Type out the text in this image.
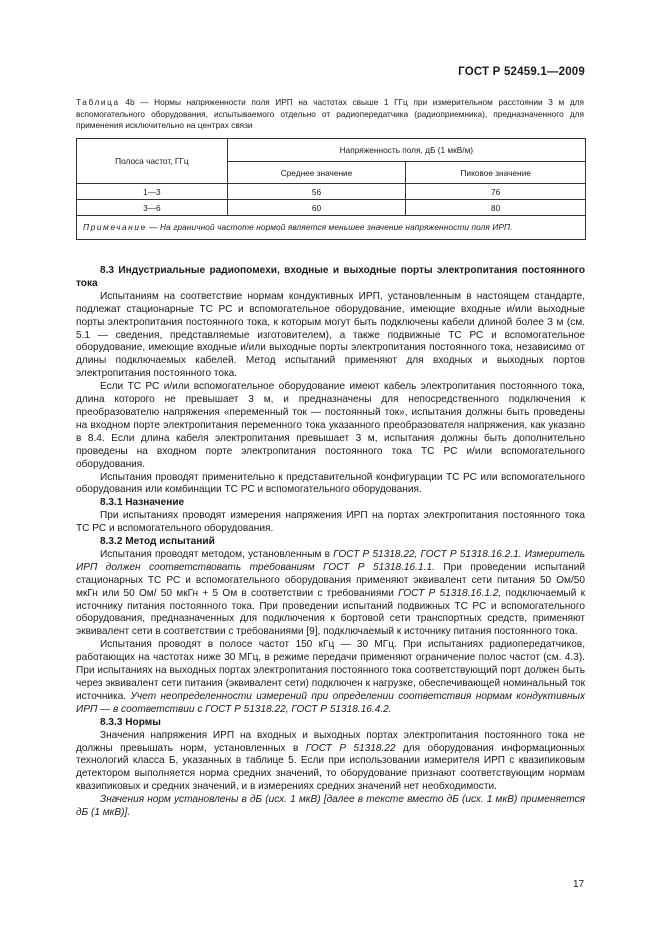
ГОСТ Р 52459.1—2009
Таблица 4b — Нормы напряженности поля ИРП на частотах свыше 1 ГГц при измерительном расстоянии 3 м для вспомогательного оборудования, испытываемого отдельно от радиопередатчика (радиоприемника), предназначенного для применения исключительно на центрах связи
Полоса частот, ГГц	Напряженность поля, дБ (1 мкВ/м)	
	Среднее значение	Пиковое значение
1—3	56	76
3—6	60	80
Примечание — На граничной частоте нормой является меньшее значение напряженности поля ИРП.		

8.3 Индустриальные радиопомехи, входные и выходные порты электропитания постоянного тока

Испытаниям на соответствие нормам кондуктивных ИРП, установленным в настоящем стандарте, подлежат стационарные ТС РС и вспомогательное оборудование, имеющие входные и/или выходные порты электропитания постоянного тока, к которым могут быть подключены кабели длиной более 3 м (см. 5.1 — сведения, представляемые изготовителем), а также подвижные ТС РС и вспомогательное оборудование, имеющие входные и/или выходные порты электропитания постоянного тока, независимо от длины подключаемых кабелей. Метод испытаний применяют для входных и выходных портов электропитания постоянного тока.

Если ТС РС и/или вспомогательное оборудование имеют кабель электропитания постоянного тока, длина которого не превышает 3 м, и предназначены для непосредственного подключения к преобразователю напряжения «переменный ток — постоянный ток», испытания должны быть проведены на входном порте электропитания переменного тока указанного преобразователя напряжения, как указано в 8.4. Если длина кабеля электропитания превышает 3 м, испытания должны быть дополнительно проведены на входном порте электропитания постоянного тока ТС РС и/или вспомогательного оборудования.

Испытания проводят применительно к представительной конфигурации ТС РС или вспомогательного оборудования или комбинации ТС РС и вспомогательного оборудования.

8.3.1 Назначение

При испытаниях проводят измерения напряжения ИРП на портах электропитания постоянного тока ТС РС и вспомогательного оборудования.

8.3.2 Метод испытаний

Испытания проводят методом, установленным в ГОСТ Р 51318.22, ГОСТ Р 51318.16.2.1. Измеритель ИРП должен соответствовать требованиям ГОСТ Р 51318.16.1.1. При проведении испытаний стационарных ТС РС и вспомогательного оборудования применяют эквивалент сети питания 50 Ом/50 мкГн или 50 Ом/ 50 мкГн + 5 Ом в соответствии с требованиями ГОСТ Р 51318.16.1.2, подключаемый к источнику питания постоянного тока. При проведении испытаний подвижных ТС РС и вспомогательного оборудования, предназначенных для подключения к бортовой сети транспортных средств, применяют эквивалент сети в соответствии с требованиями [9], подключаемый к источнику питания постоянного тока.

Испытания проводят в полосе частот 150 кГц — 30 МГц. При испытаниях радиопередатчиков, работающих на частотах ниже 30 МГц, в режиме передачи применяют ограничение полос частот (см. 4.3). При испытаниях на выходных портах электропитания постоянного тока соответствующий порт должен быть через эквивалент сети питания (эквивалент сети) подключен к нагрузке, обеспечивающей номинальный ток источника. Учет неопределенности измерений при определении соответствия нормам кондуктивных ИРП — в соответствии с ГОСТ Р 51318.22, ГОСТ Р 51318.16.4.2.

8.3.3 Нормы

Значения напряжения ИРП на входных и выходных портах электропитания постоянного тока не должны превышать норм, установленных в ГОСТ Р 51318.22 для оборудования информационных технологий класса Б, указанных в таблице 5. Если при использовании измерителя ИРП с квазипиковым детектором выполняется норма средних значений, то оборудование признают соответствующим нормам квазипиковых и средних значений, и в измерениях средних значений нет необходимости.

Значения норм установлены в дБ (исх. 1 мкВ) [далее в тексте вместо дБ (исх. 1 мкВ) применяется дБ (1 мкВ)].

17
